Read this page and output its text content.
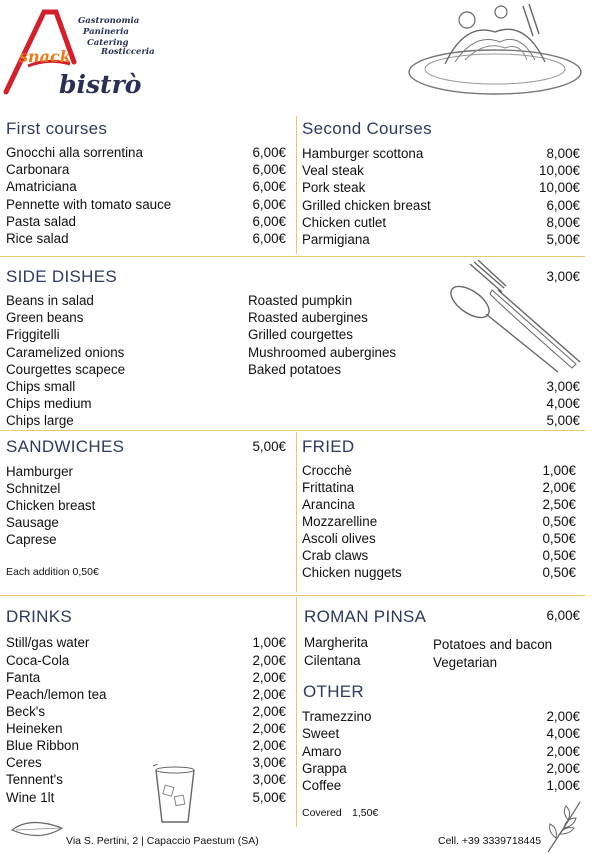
snack
bistrò
Gastronomia
Panineria
Catering
Rosticceria
First courses
Gnocchi alla sorrentina	6,00€
Carbonara	6,00€
Amatriciana	6,00€
Pennette with tomato sauce	6,00€
Pasta salad	6,00€
Rice salad	6,00€
Second Courses
Hamburger scottona	8,00€
Veal steak	10,00€
Pork steak	10,00€
Grilled chicken breast	6,00€
Chicken cutlet	8,00€
Parmigiana	5,00€
SIDE DISHES	3,00€
Beans in salad
Green beans
Friggitelli
Caramelized onions
Courgettes scapece
Roasted pumpkin
Roasted aubergines
Grilled courgettes
Mushroomed aubergines
Baked potatoes
Chips small	3,00€
Chips medium	4,00€
Chips large	5,00€
SANDWICHES	5,00€
Hamburger
Schnitzel
Chicken breast
Sausage
Caprese
Each addition 0,50€
FRIED
Crocchè	1,00€
Frittatina	2,00€
Arancina	2,50€
Mozzarelline	0,50€
Ascoli olives	0,50€
Crab claws	0,50€
Chicken nuggets	0,50€
DRINKS
Still/gas water	1,00€
Coca-Cola	2,00€
Fanta	2,00€
Peach/lemon tea	2,00€
Beck's	2,00€
Heineken	2,00€
Blue Ribbon	2,00€
Ceres	3,00€
Tennent's	3,00€
Wine 1lt	5,00€
ROMAN PINSA	6,00€
Margherita	Potatoes and bacon
Cilentana	Vegetarian
OTHER
Tramezzino	2,00€
Sweet	4,00€
Amaro	2,00€
Grappa	2,00€
Coffee	1,00€
Covered 1,50€
Via S. Pertini, 2 | Capaccio Paestum (SA)	Cell. +39 3339718445
